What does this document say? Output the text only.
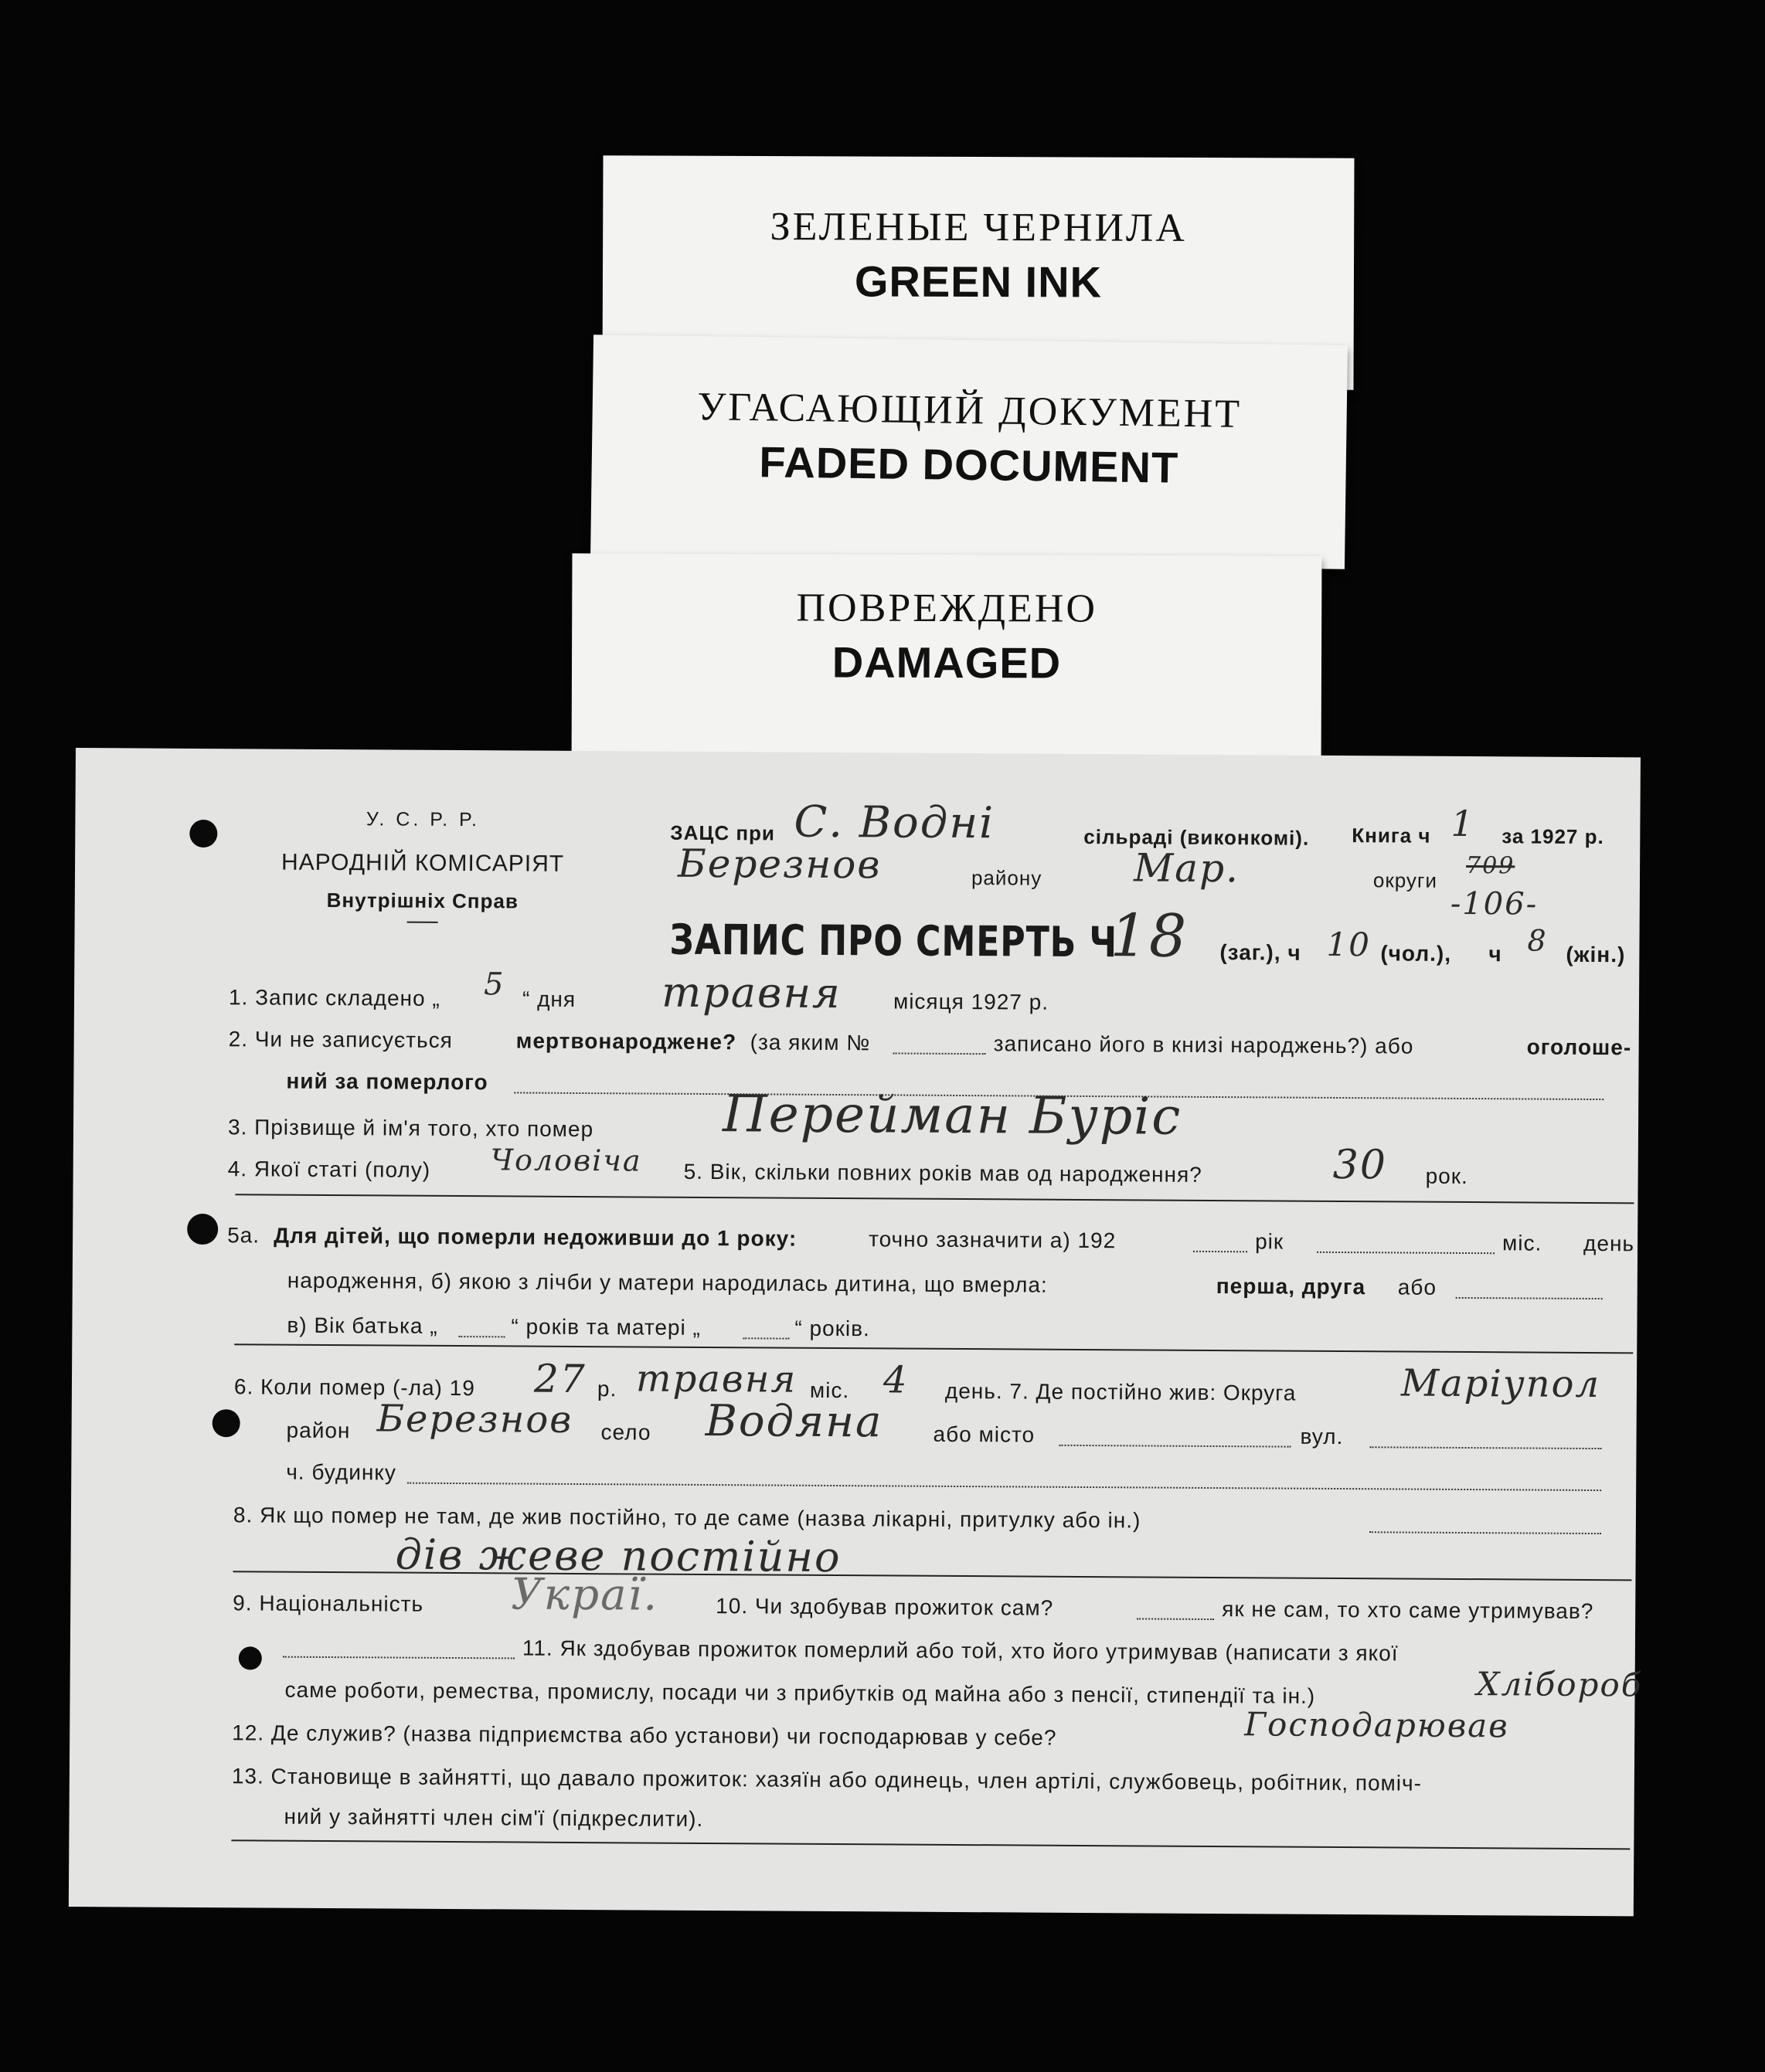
ЗЕЛЕНЫЕ ЧЕРНИЛА
GREEN INK
УГАСАЮЩИЙ ДОКУМЕНТ
FADED DOCUMENT
ПОВРЕЖДЕНО
DAMAGED
У. С. Р. Р.
НАРОДНІЙ КОМІСАРІЯТ
Внутрішніх Справ
ЗАЦС при С. Водні	сільраді (виконкомі). Книга ч 1 за 1927 р.
709
Березнов	району Мар.	округи
-106-
ЗАПИС ПРО СМЕРТЬ Ч
18 (заг.), ч 10 (чол.), ч 8 (жін.)
1. Запис складено „ 5 “ дня травня місяця 1927 р.
2. Чи не записується	мертвонароджене? (за яким №	записано його в книзі народжень?) або	оголоше-
ний за померлого
3. Прізвище й ім'я того, хто помер	Перейман Буріс
4. Якої статі (полу) Чоловіча 5. Вік, скільки повних років мав од народження?	30 рок.
5а. Для дітей, що померли недоживши до 1 року:	точно зазначити а) 192	рік	міс. день
народження, б) якою з лічби у матери народилась дитина, що вмерла:	перша, друга або
в) Вік батька „	“ років та матері „	“ років.
6. Коли помер (-ла) 19 27 р. травня міс. 4 день. 7. Де постійно жив: Округа	Маріупол
район Березнов село Водяна або місто	вул.
ч. будинку
8. Як що помер не там, де жив постійно, то де саме (назва лікарні, притулку або ін.)
дів жеве постійно
9. Національність Украї.	10. Чи здобував прожиток сам?	як не сам, то хто саме утримував?
11. Як здобував прожиток померлий або той, хто його утримував (написати з якої
саме роботи, ремества, промислу, посади чи з прибутків од майна або з пенсії, стипендії та ін.)	Хлібороб
12. Де служив? (назва підприємства або установи) чи господарював у себе?	Господарював
13. Становище в зайнятті, що давало прожиток: хазяїн або одинець, член артілі, службовець, робітник, поміч-
ний у зайнятті член сім'ї (підкреслити).
